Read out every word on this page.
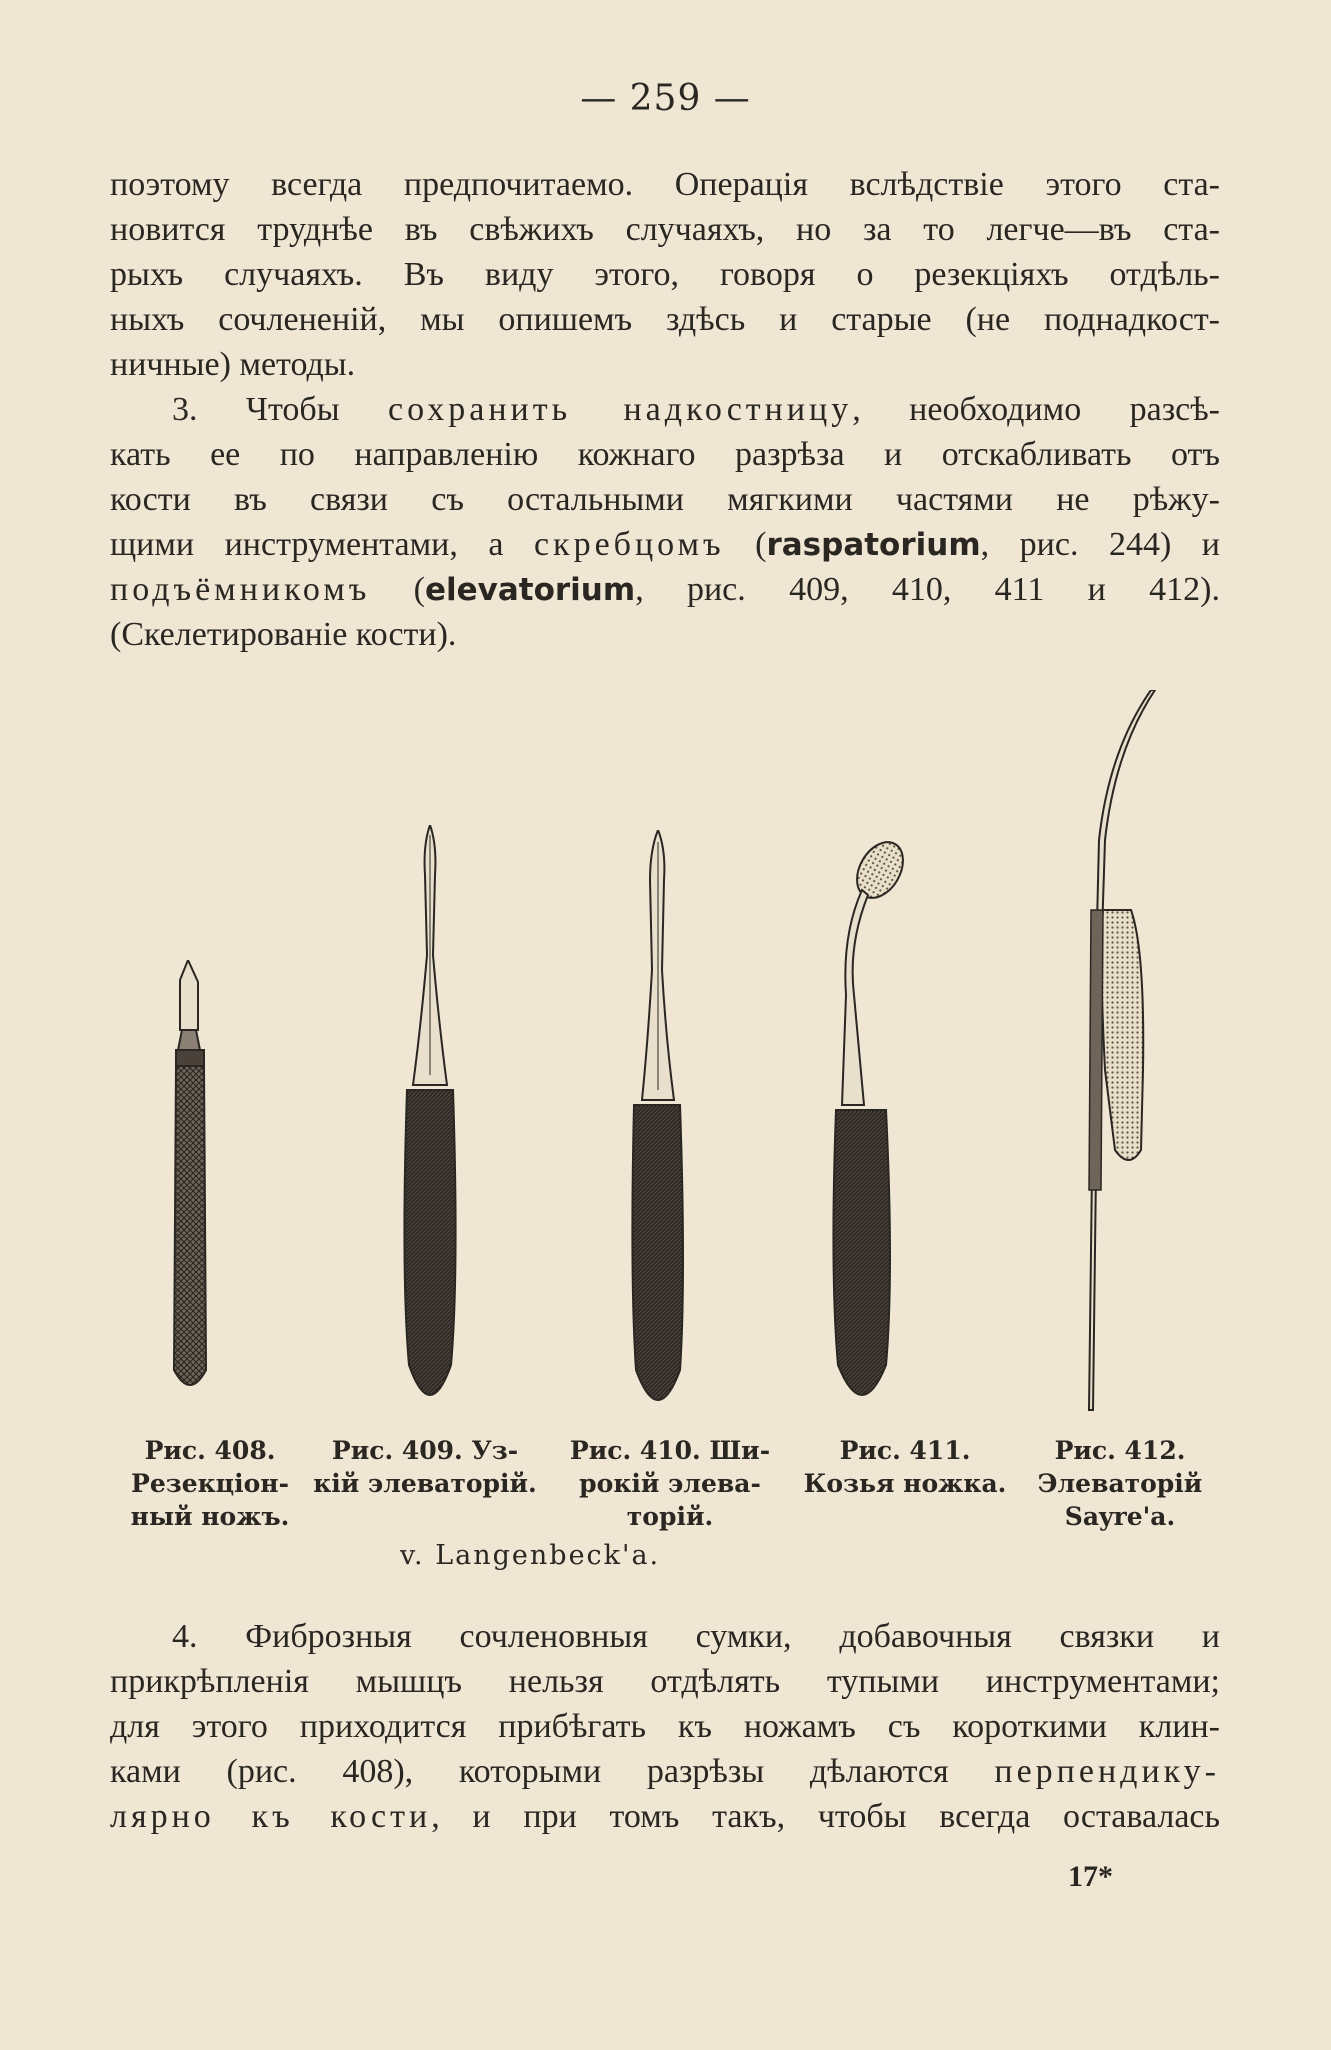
— 259 —
поэтому всегда предпочитаемо. Операція вслѣдствіе этого ста-
новится труднѣе въ свѣжихъ случаяхъ, но за то легче—въ ста-
рыхъ случаяхъ. Въ виду этого, говоря о резекціяхъ отдѣль-
ныхъ сочлененій, мы опишемъ здѣсь и старые (не поднадкост-
ничные) методы.
3. Чтобы сохранить надкостницу, необходимо разсѣ-
кать ее по направленію кожнаго разрѣза и отскабливать отъ
кости въ связи съ остальными мягкими частями не рѣжу-
щими инструментами, а скребцомъ (raspatorium, рис. 244) и
подъёмникомъ (elevatorium, рис. 409, 410, 411 и 412).
(Скелетированіе кости).
Рис. 408.
Резекціон-
ный ножъ.
Рис. 409. Уз-
кій элеваторій.
Рис. 410. Ши-
рокій элева-
торій.
Рис. 411.
Козья ножка.
Рис. 412.
Элеваторій
Sayre'a.
v. Langenbeck'a.
4. Фиброзныя сочленовныя сумки, добавочныя связки и
прикрѣпленія мышцъ нельзя отдѣлять тупыми инструментами;
для этого приходится прибѣгать къ ножамъ съ короткими клин-
ками (рис. 408), которыми разрѣзы дѣлаются перпендику-
лярно къ кости, и при томъ такъ, чтобы всегда оставалась
17*
